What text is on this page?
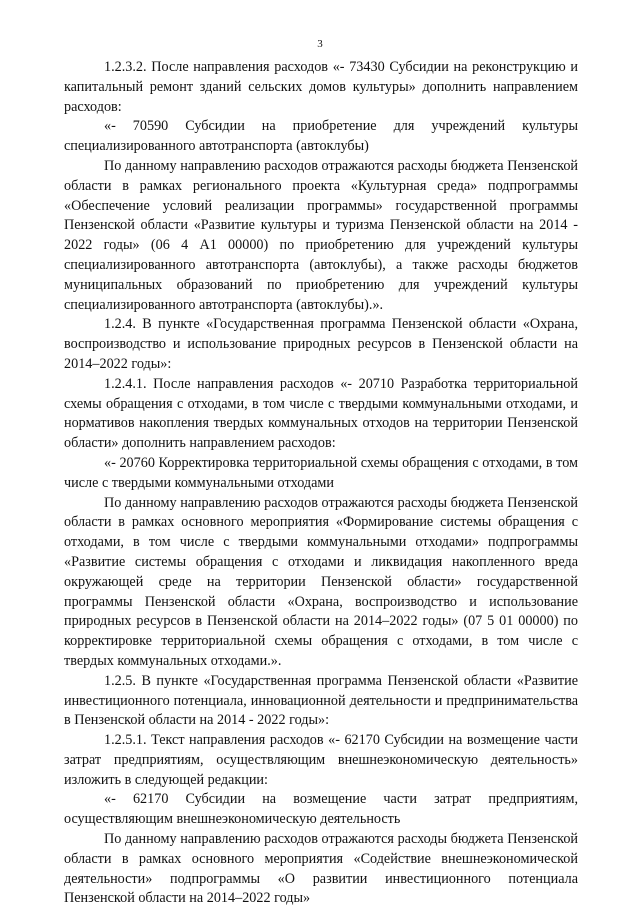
3

1.2.3.2. После направления расходов «- 73430 Субсидии на реконструкцию и капитальный ремонт зданий сельских домов культуры» дополнить направлением расходов:

«- 70590 Субсидии на приобретение для учреждений культуры специализированного автотранспорта (автоклубы)

По данному направлению расходов отражаются расходы бюджета Пензенской области в рамках регионального проекта «Культурная среда» подпрограммы «Обеспечение условий реализации программы» государственной программы Пензенской области «Развитие культуры и туризма Пензенской области на 2014 - 2022 годы» (06 4 A1 00000) по приобретению для учреждений культуры специализированного автотранспорта (автоклубы), а также расходы бюджетов муниципальных образований по приобретению для учреждений культуры специализированного автотранспорта (автоклубы).».

1.2.4. В пункте «Государственная программа Пензенской области «Охрана, воспроизводство и использование природных ресурсов в Пензенской области на 2014–2022 годы»:

1.2.4.1. После направления расходов «- 20710 Разработка территориальной схемы обращения с отходами, в том числе с твердыми коммунальными отходами, и нормативов накопления твердых коммунальных отходов на территории Пензенской области» дополнить направлением расходов:

«- 20760 Корректировка территориальной схемы обращения с отходами, в том числе с твердыми коммунальными отходами

По данному направлению расходов отражаются расходы бюджета Пензенской области в рамках основного мероприятия «Формирование системы обращения с отходами, в том числе с твердыми коммунальными отходами» подпрограммы «Развитие системы обращения с отходами и ликвидация накопленного вреда окружающей среде на территории Пензенской области» государственной программы Пензенской области «Охрана, воспроизводство и использование природных ресурсов в Пензенской области на 2014–2022 годы» (07 5 01 00000) по корректировке территориальной схемы обращения с отходами, в том числе с твердых коммунальных отходами.».

1.2.5. В пункте «Государственная программа Пензенской области «Развитие инвестиционного потенциала, инновационной деятельности и предпринимательства в Пензенской области на 2014 - 2022 годы»:

1.2.5.1. Текст направления расходов «- 62170 Субсидии на возмещение части затрат предприятиям, осуществляющим внешнеэкономическую деятельность» изложить в следующей редакции:

«- 62170 Субсидии на возмещение части затрат предприятиям, осуществляющим внешнеэкономическую деятельность

По данному направлению расходов отражаются расходы бюджета Пензенской области в рамках основного мероприятия «Содействие внешнеэкономической деятельности» подпрограммы «О развитии инвестиционного потенциала Пензенской области на 2014–2022 годы»
